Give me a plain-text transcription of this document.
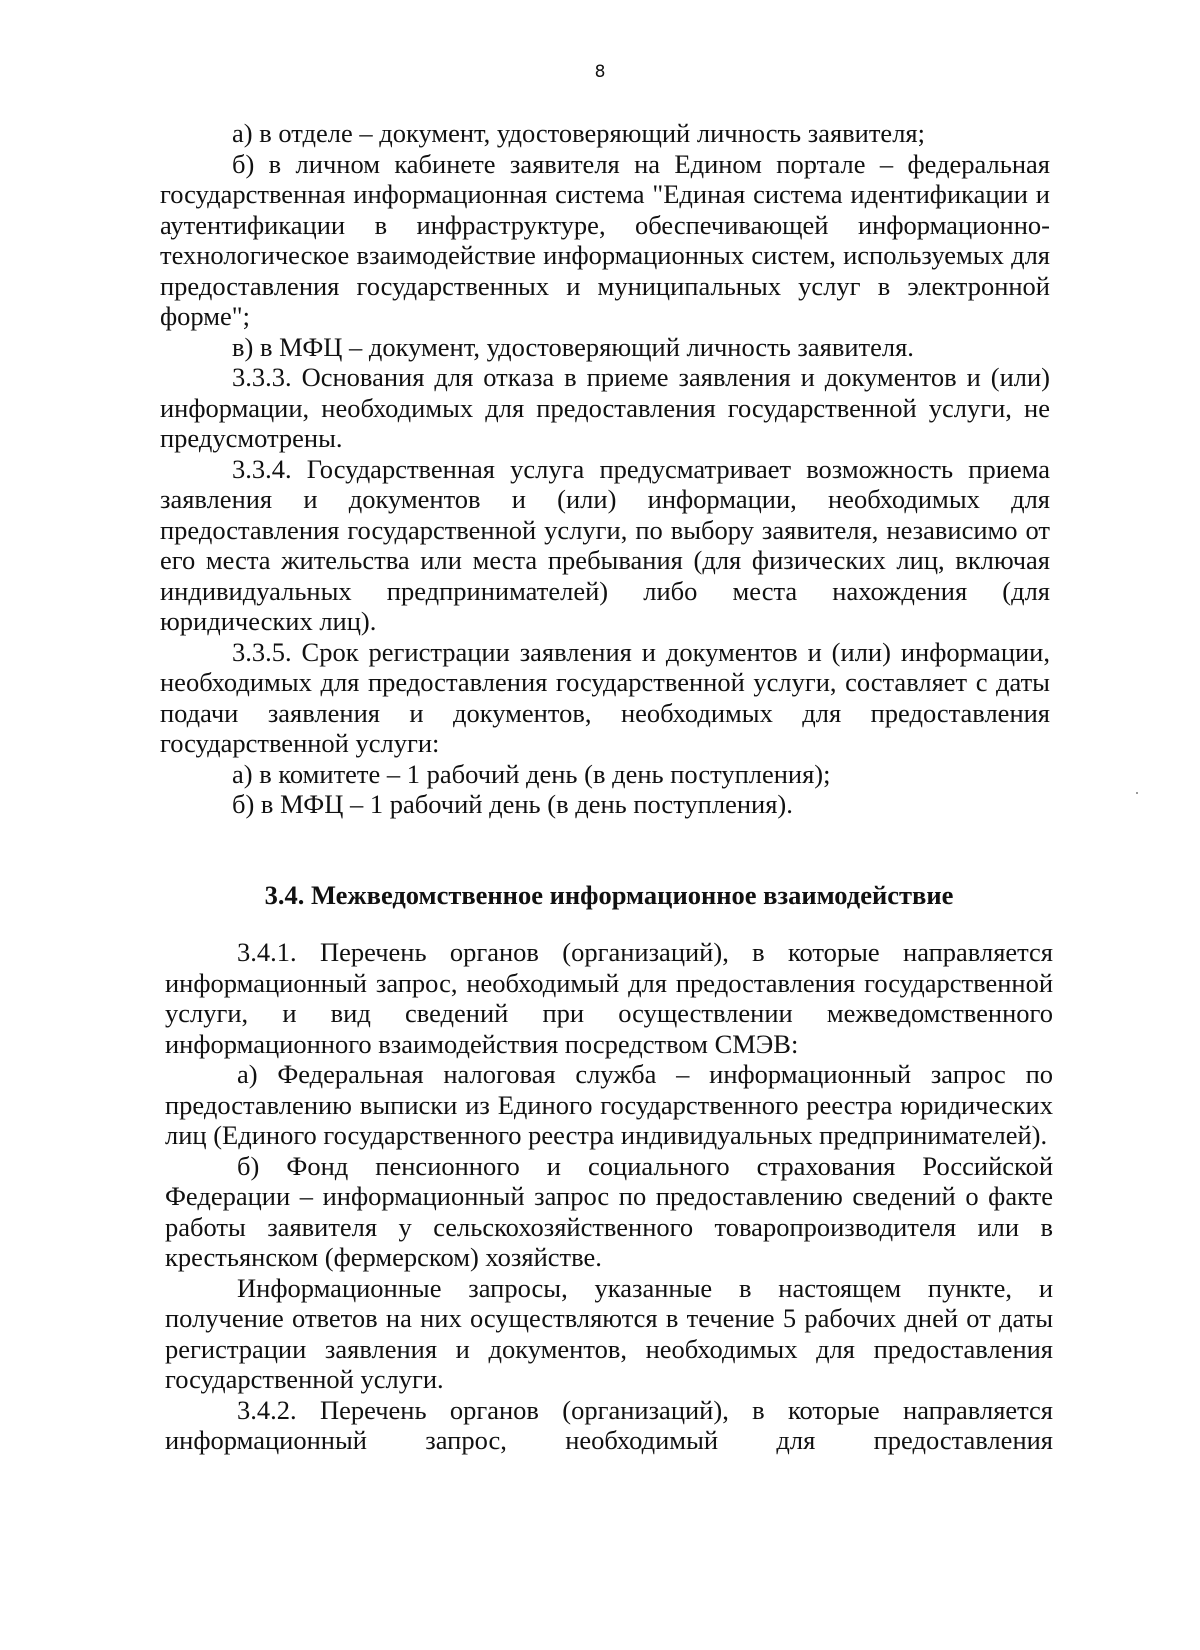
8

а) в отделе – документ, удостоверяющий личность заявителя;

б) в личном кабинете заявителя на Едином портале – федеральная государственная информационная система "Единая система идентификации и аутентификации в инфраструктуре, обеспечивающей информационно-технологическое взаимодействие информационных систем, используемых для предоставления государственных и муниципальных услуг в электронной форме";

в) в МФЦ – документ, удостоверяющий личность заявителя.

3.3.3. Основания для отказа в приеме заявления и документов и (или) информации, необходимых для предоставления государственной услуги, не предусмотрены.

3.3.4. Государственная услуга предусматривает возможность приема заявления и документов и (или) информации, необходимых для предоставления государственной услуги, по выбору заявителя, независимо от его места жительства или места пребывания (для физических лиц, включая индивидуальных предпринимателей) либо места нахождения (для юридических лиц).

3.3.5. Срок регистрации заявления и документов и (или) информации, необходимых для предоставления государственной услуги, составляет с даты подачи заявления и документов, необходимых для предоставления государственной услуги:

а) в комитете – 1 рабочий день (в день поступления);

б) в МФЦ – 1 рабочий день (в день поступления).

3.4. Межведомственное информационное взаимодействие

3.4.1. Перечень органов (организаций), в которые направляется информационный запрос, необходимый для предоставления государственной услуги, и вид сведений при осуществлении межведомственного информационного взаимодействия посредством СМЭВ:

а) Федеральная налоговая служба – информационный запрос по предоставлению выписки из Единого государственного реестра юридических лиц (Единого государственного реестра индивидуальных предпринимателей).

б) Фонд пенсионного и социального страхования Российской Федерации – информационный запрос по предоставлению сведений о факте работы заявителя у сельскохозяйственного товаропроизводителя или в крестьянском (фермерском) хозяйстве.

Информационные запросы, указанные в настоящем пункте, и получение ответов на них осуществляются в течение 5 рабочих дней от даты регистрации заявления и документов, необходимых для предоставления государственной услуги.

3.4.2. Перечень органов (организаций), в которые направляется информационный запрос, необходимый для предоставления
